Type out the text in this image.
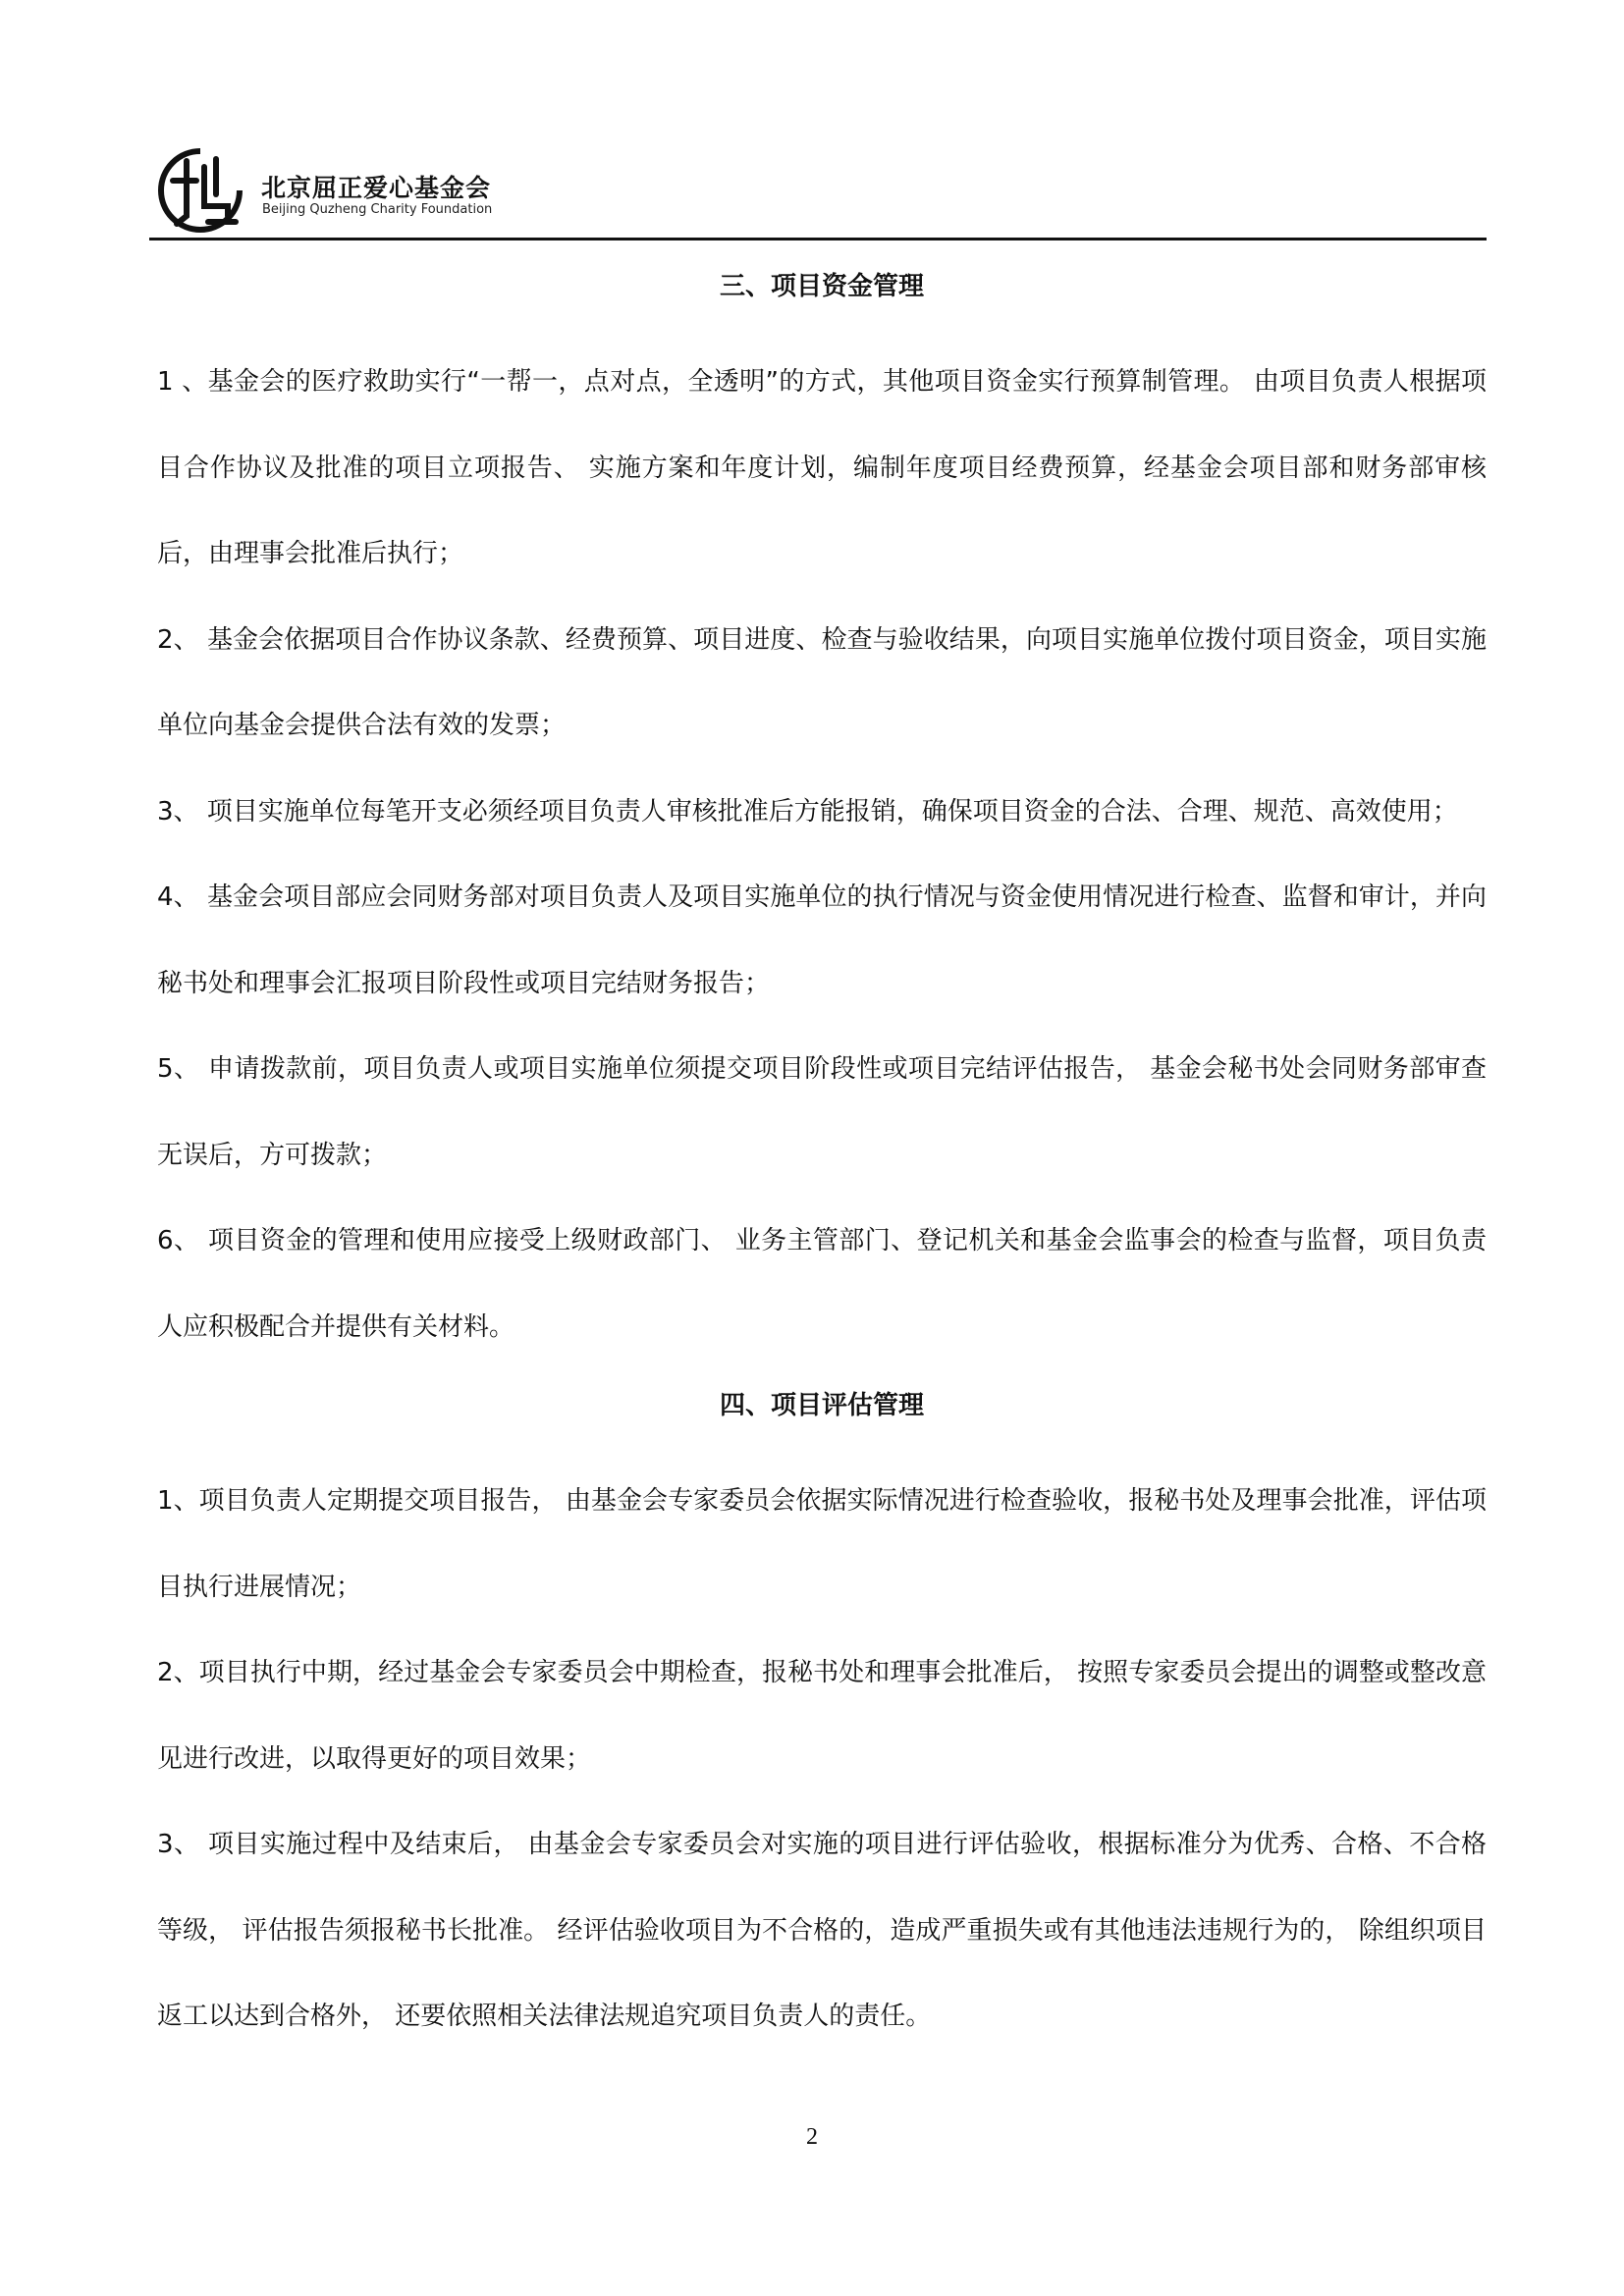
北京屈正爱心基金会
Beijing Quzheng Charity Foundation
三、项目资金管理

1 、基金会的医疗救助实行“一帮一，点对点，全透明”的方式，其他项目资金实行预算制管理。 由项目负责人根据项目合作协议及批准的项目立项报告、 实施方案和年度计划，编制年度项目经费预算，经基金会项目部和财务部审核后，由理事会批准后执行；

2、 基金会依据项目合作协议条款、经费预算、项目进度、检查与验收结果，向项目实施单位拨付项目资金，项目实施单位向基金会提供合法有效的发票；

3、 项目实施单位每笔开支必须经项目负责人审核批准后方能报销，确保项目资金的合法、合理、规范、高效使用；

4、 基金会项目部应会同财务部对项目负责人及项目实施单位的执行情况与资金使用情况进行检查、监督和审计，并向秘书处和理事会汇报项目阶段性或项目完结财务报告；

5、 申请拨款前，项目负责人或项目实施单位须提交项目阶段性或项目完结评估报告， 基金会秘书处会同财务部审查无误后，方可拨款；

6、 项目资金的管理和使用应接受上级财政部门、 业务主管部门、登记机关和基金会监事会的检查与监督，项目负责人应积极配合并提供有关材料。

四、项目评估管理

1、项目负责人定期提交项目报告， 由基金会专家委员会依据实际情况进行检查验收，报秘书处及理事会批准，评估项目执行进展情况；

2、项目执行中期，经过基金会专家委员会中期检查，报秘书处和理事会批准后， 按照专家委员会提出的调整或整改意见进行改进，以取得更好的项目效果；

3、 项目实施过程中及结束后， 由基金会专家委员会对实施的项目进行评估验收，根据标准分为优秀、合格、不合格等级， 评估报告须报秘书长批准。 经评估验收项目为不合格的，造成严重损失或有其他违法违规行为的， 除组织项目返工以达到合格外， 还要依照相关法律法规追究项目负责人的责任。

2
